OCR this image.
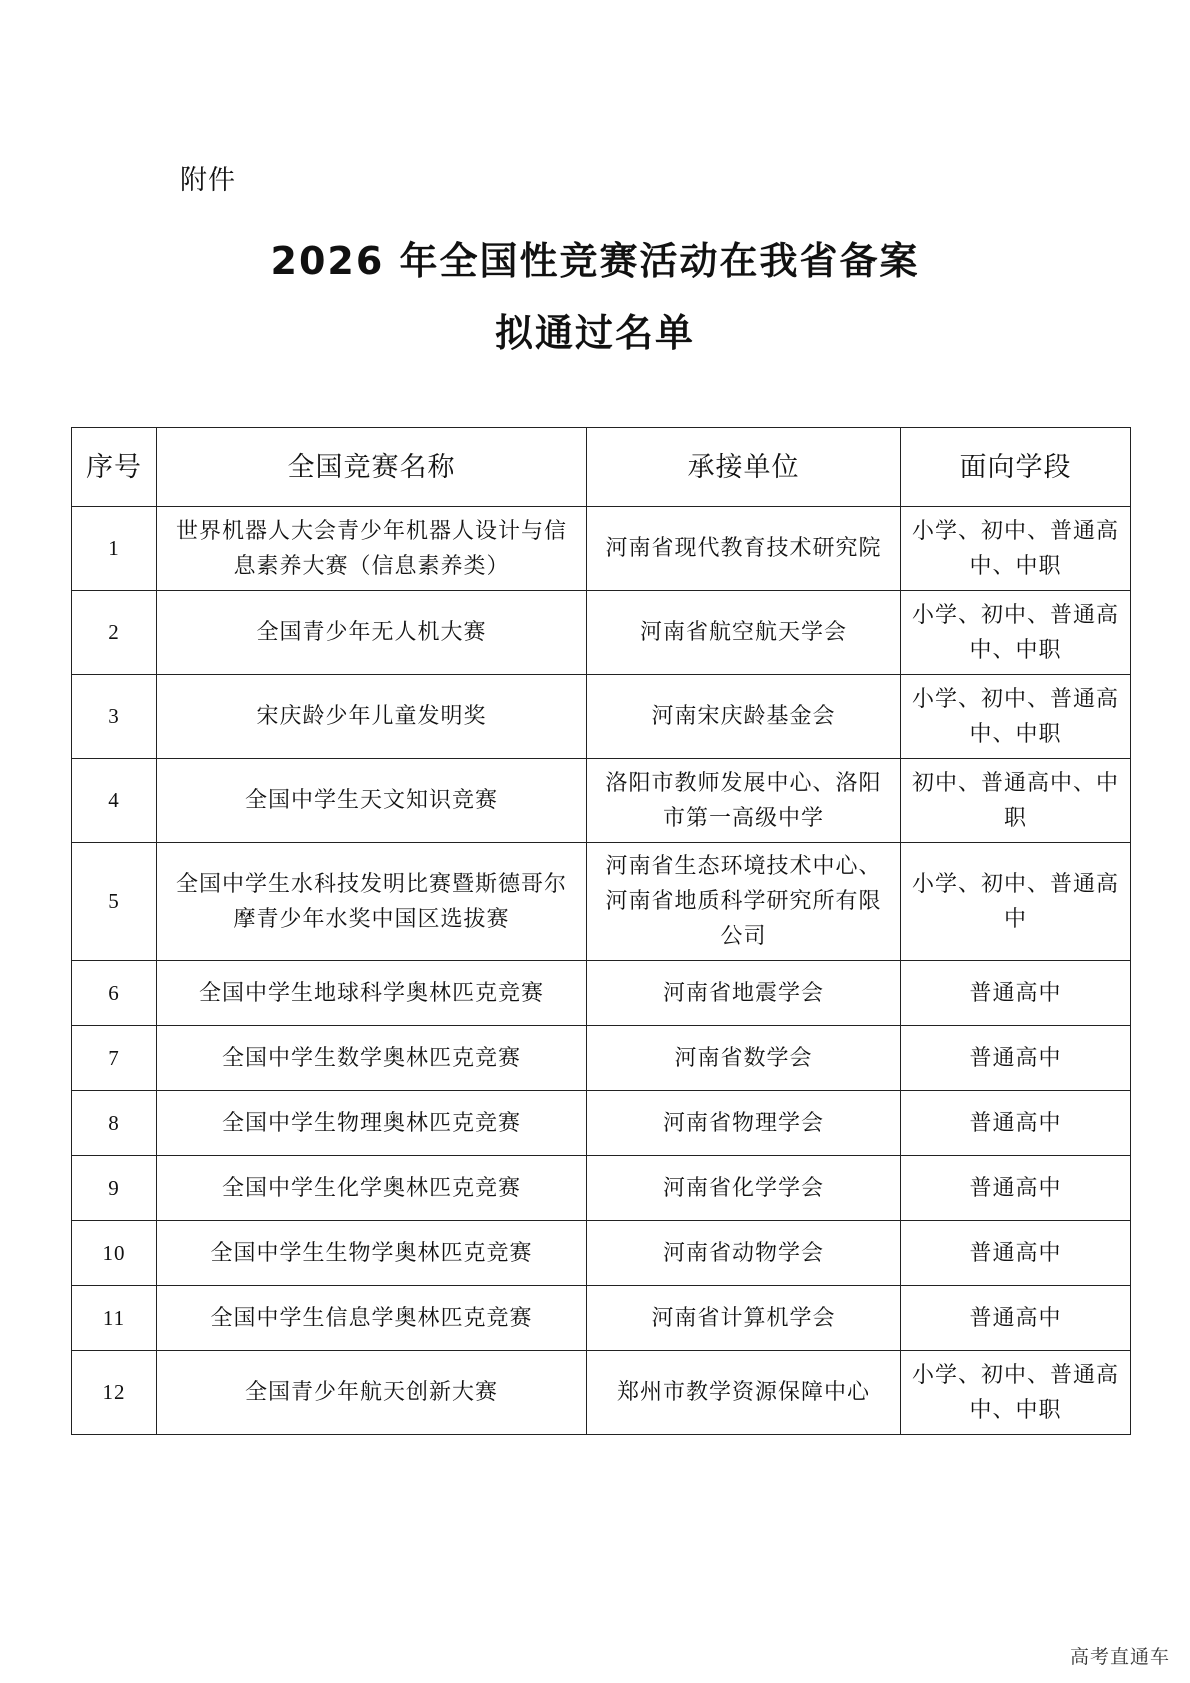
附件
2026 年全国性竞赛活动在我省备案
拟通过名单
序号	全国竞赛名称	承接单位	面向学段
1	世界机器人大会青少年机器人设计与信息素养大赛（信息素养类）	河南省现代教育技术研究院	小学、初中、普通高中、中职
2	全国青少年无人机大赛	河南省航空航天学会	小学、初中、普通高中、中职
3	宋庆龄少年儿童发明奖	河南宋庆龄基金会	小学、初中、普通高中、中职
4	全国中学生天文知识竞赛	洛阳市教师发展中心、洛阳市第一高级中学	初中、普通高中、中职
5	全国中学生水科技发明比赛暨斯德哥尔摩青少年水奖中国区选拔赛	河南省生态环境技术中心、河南省地质科学研究所有限公司	小学、初中、普通高中
6	全国中学生地球科学奥林匹克竞赛	河南省地震学会	普通高中
7	全国中学生数学奥林匹克竞赛	河南省数学会	普通高中
8	全国中学生物理奥林匹克竞赛	河南省物理学会	普通高中
9	全国中学生化学奥林匹克竞赛	河南省化学学会	普通高中
10	全国中学生生物学奥林匹克竞赛	河南省动物学会	普通高中
11	全国中学生信息学奥林匹克竞赛	河南省计算机学会	普通高中
12	全国青少年航天创新大赛	郑州市教学资源保障中心	小学、初中、普通高中、中职
高考直通车
